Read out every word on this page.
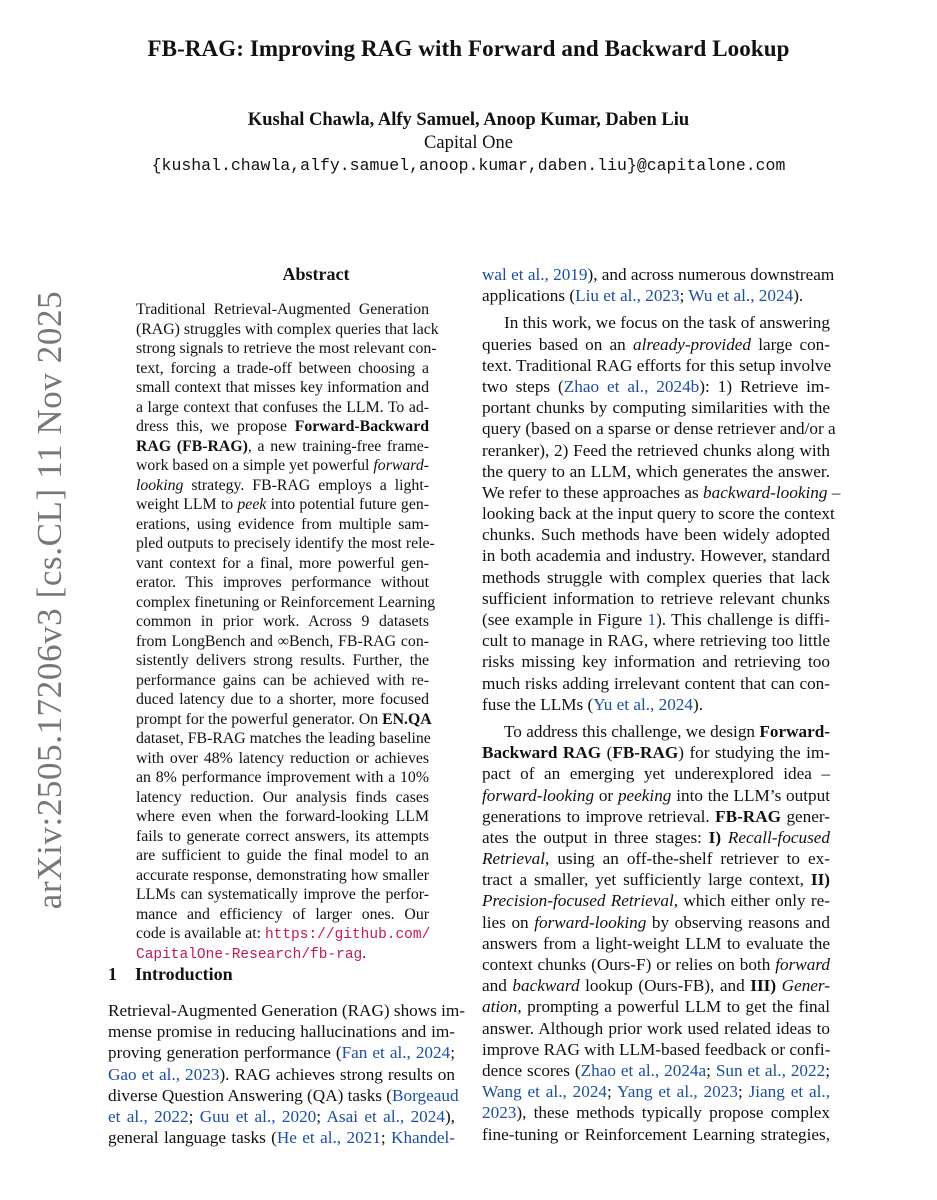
FB-RAG: Improving RAG with Forward and Backward Lookup
Kushal Chawla, Alfy Samuel, Anoop Kumar, Daben Liu
Capital One
{kushal.chawla,alfy.samuel,anoop.kumar,daben.liu}@capitalone.com
arXiv:2505.17206v3 [cs.CL] 11 Nov 2025
Abstract
Traditional Retrieval-Augmented Generation
(RAG) struggles with complex queries that lack
strong signals to retrieve the most relevant con-
text, forcing a trade-off between choosing a
small context that misses key information and
a large context that confuses the LLM. To ad-
dress this, we propose Forward-Backward
RAG (FB-RAG), a new training-free frame-
work based on a simple yet powerful forward-
looking strategy. FB-RAG employs a light-
weight LLM to peek into potential future gen-
erations, using evidence from multiple sam-
pled outputs to precisely identify the most rele-
vant context for a final, more powerful gen-
erator. This improves performance without
complex finetuning or Reinforcement Learning
common in prior work. Across 9 datasets
from LongBench and ∞Bench, FB-RAG con-
sistently delivers strong results. Further, the
performance gains can be achieved with re-
duced latency due to a shorter, more focused
prompt for the powerful generator. On EN.QA
dataset, FB-RAG matches the leading baseline
with over 48% latency reduction or achieves
an 8% performance improvement with a 10%
latency reduction. Our analysis finds cases
where even when the forward-looking LLM
fails to generate correct answers, its attempts
are sufficient to guide the final model to an
accurate response, demonstrating how smaller
LLMs can systematically improve the perfor-
mance and efficiency of larger ones. Our
code is available at: https://github.com/
CapitalOne-Research/fb-rag.
1 Introduction
Retrieval-Augmented Generation (RAG) shows im-
mense promise in reducing hallucinations and im-
proving generation performance (Fan et al., 2024;
Gao et al., 2023). RAG achieves strong results on
diverse Question Answering (QA) tasks (Borgeaud
et al., 2022; Guu et al., 2020; Asai et al., 2024),
general language tasks (He et al., 2021; Khandel-
wal et al., 2019), and across numerous downstream
applications (Liu et al., 2023; Wu et al., 2024).
In this work, we focus on the task of answering
queries based on an already-provided large con-
text. Traditional RAG efforts for this setup involve
two steps (Zhao et al., 2024b): 1) Retrieve im-
portant chunks by computing similarities with the
query (based on a sparse or dense retriever and/or a
reranker), 2) Feed the retrieved chunks along with
the query to an LLM, which generates the answer.
We refer to these approaches as backward-looking –
looking back at the input query to score the context
chunks. Such methods have been widely adopted
in both academia and industry. However, standard
methods struggle with complex queries that lack
sufficient information to retrieve relevant chunks
(see example in Figure 1). This challenge is diffi-
cult to manage in RAG, where retrieving too little
risks missing key information and retrieving too
much risks adding irrelevant content that can con-
fuse the LLMs (Yu et al., 2024).
To address this challenge, we design Forward-
Backward RAG (FB-RAG) for studying the im-
pact of an emerging yet underexplored idea –
forward-looking or peeking into the LLM’s output
generations to improve retrieval. FB-RAG gener-
ates the output in three stages: I) Recall-focused
Retrieval, using an off-the-shelf retriever to ex-
tract a smaller, yet sufficiently large context, II)
Precision-focused Retrieval, which either only re-
lies on forward-looking by observing reasons and
answers from a light-weight LLM to evaluate the
context chunks (Ours-F) or relies on both forward
and backward lookup (Ours-FB), and III) Gener-
ation, prompting a powerful LLM to get the final
answer. Although prior work used related ideas to
improve RAG with LLM-based feedback or confi-
dence scores (Zhao et al., 2024a; Sun et al., 2022;
Wang et al., 2024; Yang et al., 2023; Jiang et al.,
2023), these methods typically propose complex
fine-tuning or Reinforcement Learning strategies,
